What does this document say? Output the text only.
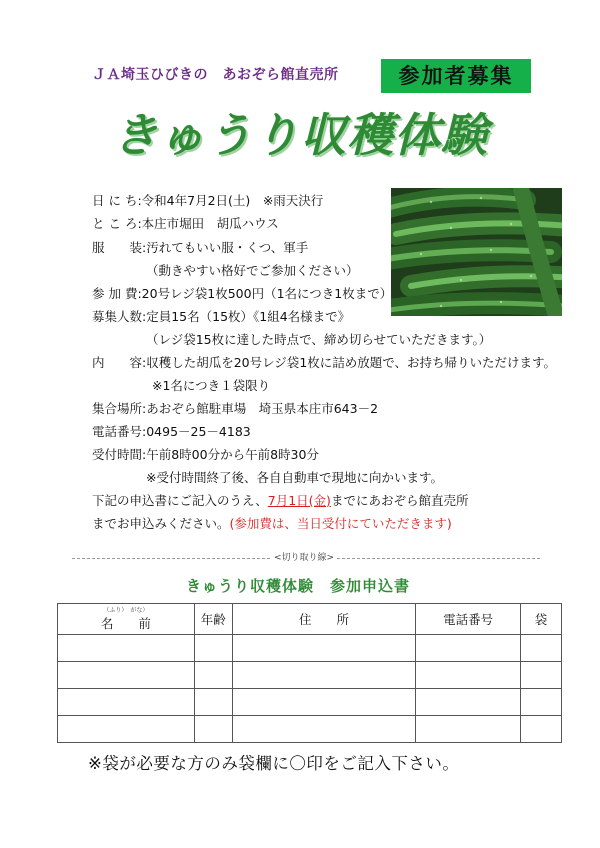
ＪＡ埼玉ひびきの　あおぞら館直売所	参加者募集
きゅうり収穫体験
日 に ち:令和4年7月2日(土)　 ※雨天決行
と こ ろ:本庄市堀田　胡瓜ハウス
服　　装:汚れてもいい服・くつ、軍手
（動きやすい格好でご参加ください）
参 加 費:20号レジ袋1枚500円（1名につき1枚まで）
募集人数:定員15名（15枚）《1組4名様まで》
（レジ袋15枚に達した時点で、締め切らせていただきます。）
内　　容:収穫した胡瓜を20号レジ袋1枚に詰め放題で、お持ち帰りいただけます。
※1名につき１袋限り
集合場所:あおぞら館駐車場　埼玉県本庄市643－2
電話番号:0495－25－4183
受付時間:午前8時00分から午前8時30分
※受付時間終了後、各自自動車で現地に向かいます。
下記の申込書にご記入のうえ、7月1日(金)までにあおぞら館直売所
までお申込みください。(参加費は、当日受付にていただきます)
<切り取り線>
きゅうり収穫体験　参加申込書
（ふり）　 がな）
名　　前	年齢	住　　所	電話番号	袋

※袋が必要な方のみ袋欄に〇印をご記入下さい。
